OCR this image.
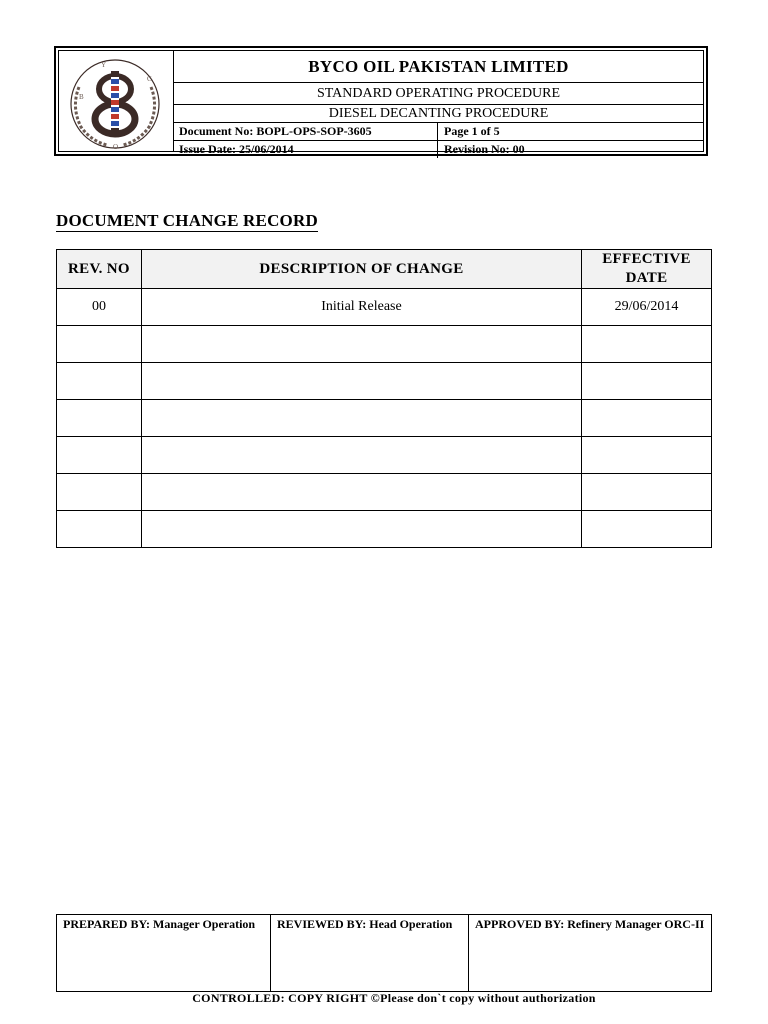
B
Y
C
O
BYCO OIL PAKISTAN LIMITED
STANDARD OPERATING PROCEDURE
DIESEL DECANTING PROCEDURE
Document No: BOPL-OPS-SOP-3605	Page 1 of 5
Issue Date: 25/06/2014	Revision No: 00
DOCUMENT CHANGE RECORD
REV. NO	DESCRIPTION OF CHANGE	EFFECTIVE
DATE
00	Initial Release	29/06/2014

PREPARED BY: Manager Operation	REVIEWED BY: Head Operation	APPROVED BY: Refinery Manager ORC-II
CONTROLLED: COPY RIGHT ©Please don`t copy without authorization
